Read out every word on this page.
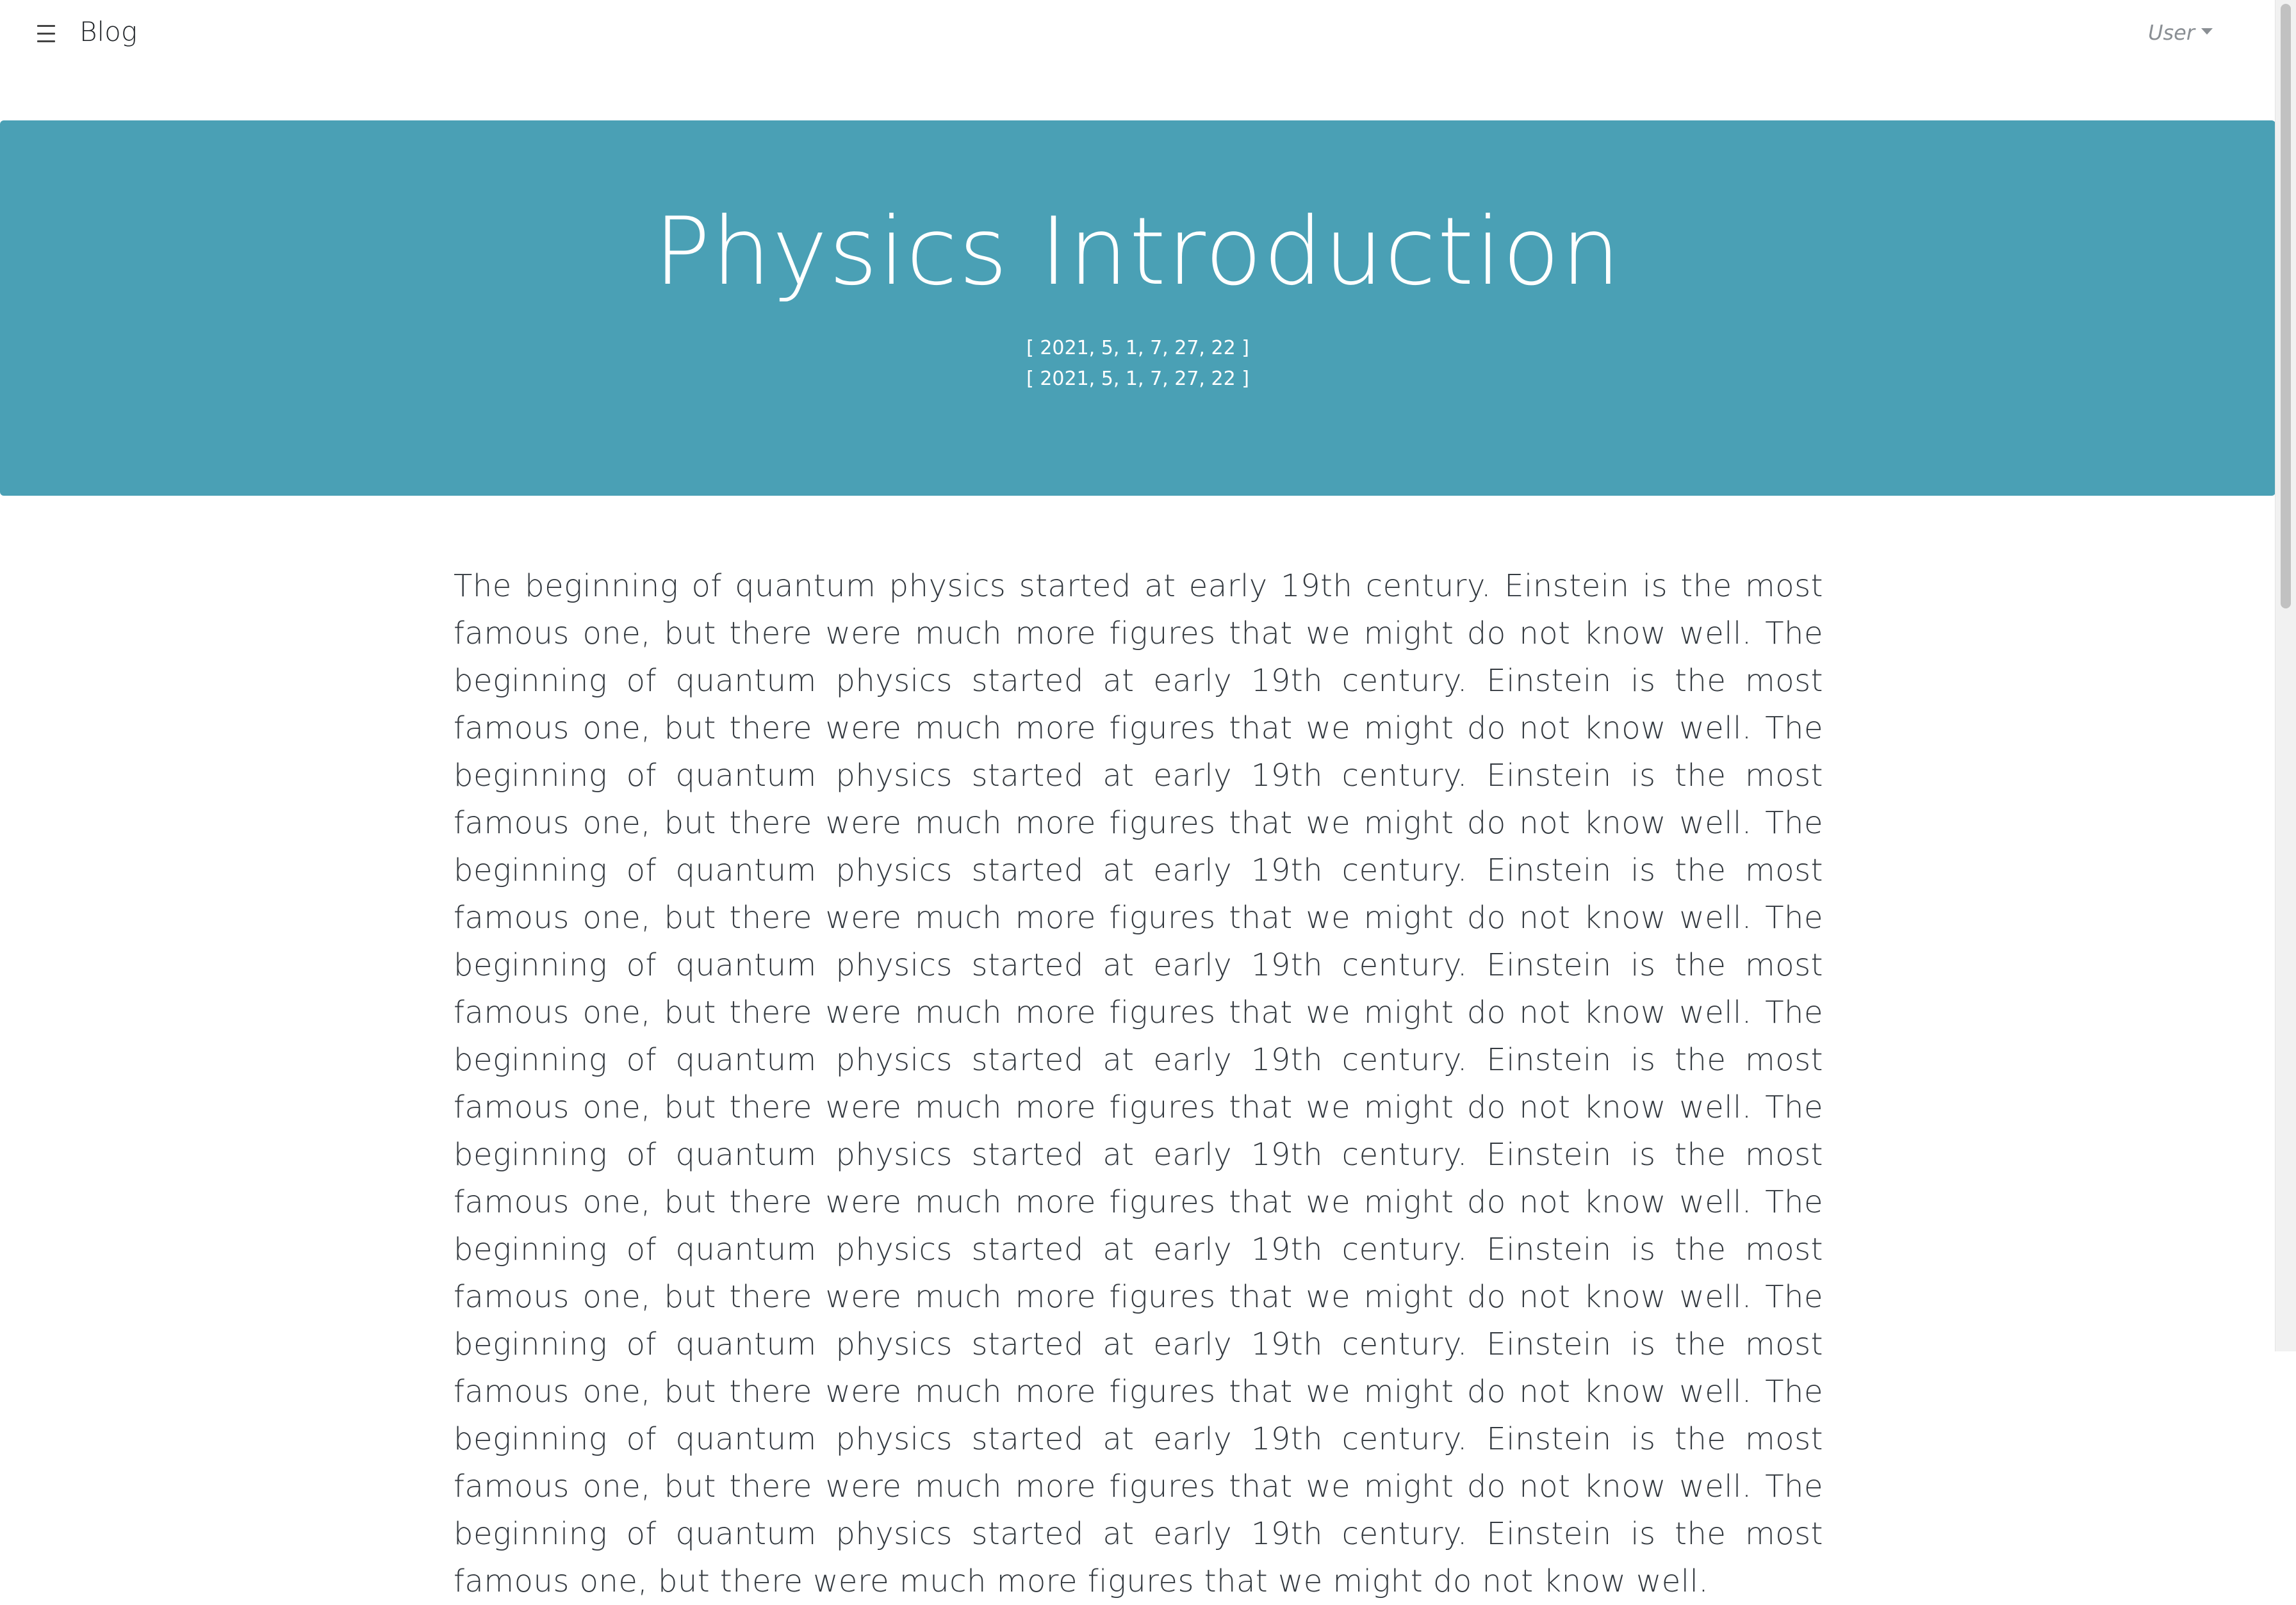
Blog	User
Physics Introduction
[ 2021, 5, 1, 7, 27, 22 ]
[ 2021, 5, 1, 7, 27, 22 ]

The beginning of quantum physics started at early 19th century. Einstein is the most famous one, but there were much more figures that we might do not know well. The beginning of quantum physics started at early 19th century. Einstein is the most famous one, but there were much more figures that we might do not know well. The beginning of quantum physics started at early 19th century. Einstein is the most famous one, but there were much more figures that we might do not know well. The beginning of quantum physics started at early 19th century. Einstein is the most famous one, but there were much more figures that we might do not know well. The beginning of quantum physics started at early 19th century. Einstein is the most famous one, but there were much more figures that we might do not know well. The beginning of quantum physics started at early 19th century. Einstein is the most famous one, but there were much more figures that we might do not know well. The beginning of quantum physics started at early 19th century. Einstein is the most famous one, but there were much more figures that we might do not know well. The beginning of quantum physics started at early 19th century. Einstein is the most famous one, but there were much more figures that we might do not know well. The beginning of quantum physics started at early 19th century. Einstein is the most famous one, but there were much more figures that we might do not know well. The beginning of quantum physics started at early 19th century. Einstein is the most famous one, but there were much more figures that we might do not know well. The beginning of quantum physics started at early 19th century. Einstein is the most famous one, but there were much more figures that we might do not know well.
